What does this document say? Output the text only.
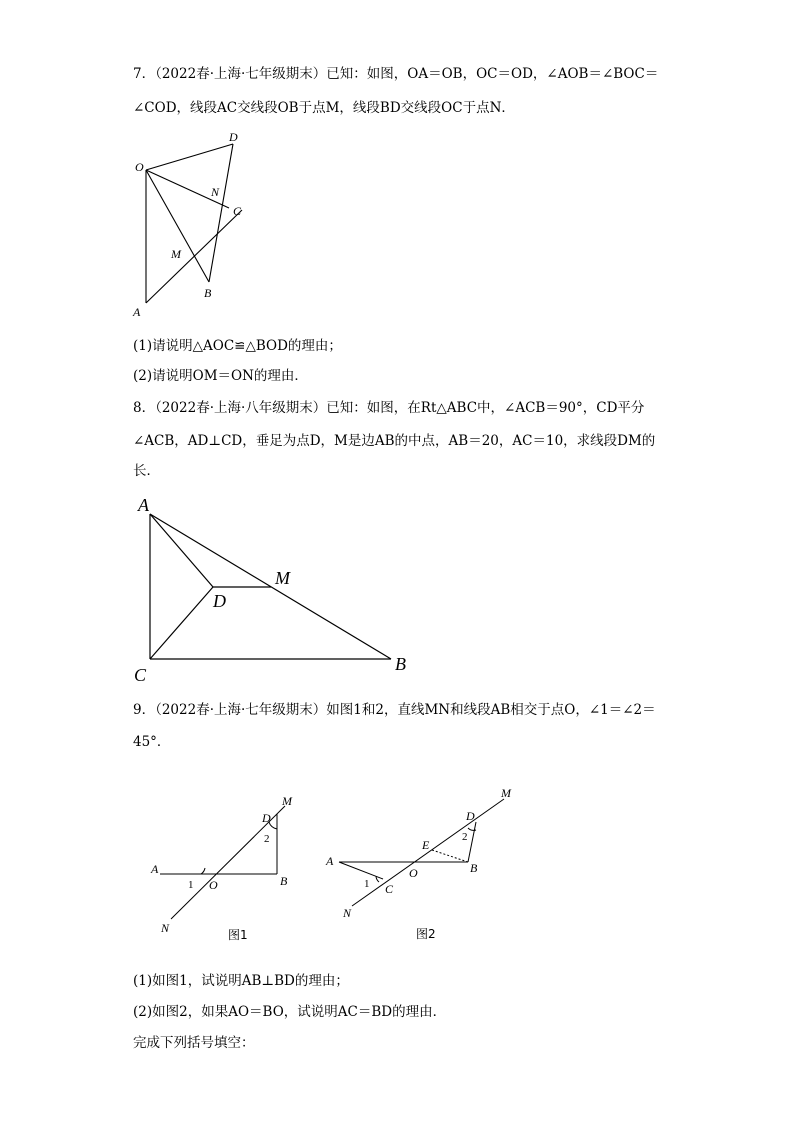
7．（2022春·上海·七年级期末）已知：如图，OA＝OB，OC＝OD，∠AOB＝∠BOC＝
∠COD，线段AC交线段OB于点M，线段BD交线段OC于点N．
D
O
N
C
M
B
A
(1)请说明△AOC≌△BOD的理由；
(2)请说明OM＝ON的理由．
8．（2022春·上海·八年级期末）已知：如图，在Rt△ABC中，∠ACB＝90°，CD平分
∠ACB，AD⊥CD，垂足为点D，M是边AB的中点，AB＝20，AC＝10，求线段DM的
长．
A
M
D
C
B
9．（2022春·上海·七年级期末）如图1和2，直线MN和线段AB相交于点O，∠1＝∠2＝
45°．
M
D
2
A
1 O	B
N	图1
M
D
E
2
A
O	B
1 C
N
图2
(1)如图1，试说明AB⊥BD的理由；
(2)如图2，如果AO＝BO，试说明AC＝BD的理由．
完成下列括号填空：
